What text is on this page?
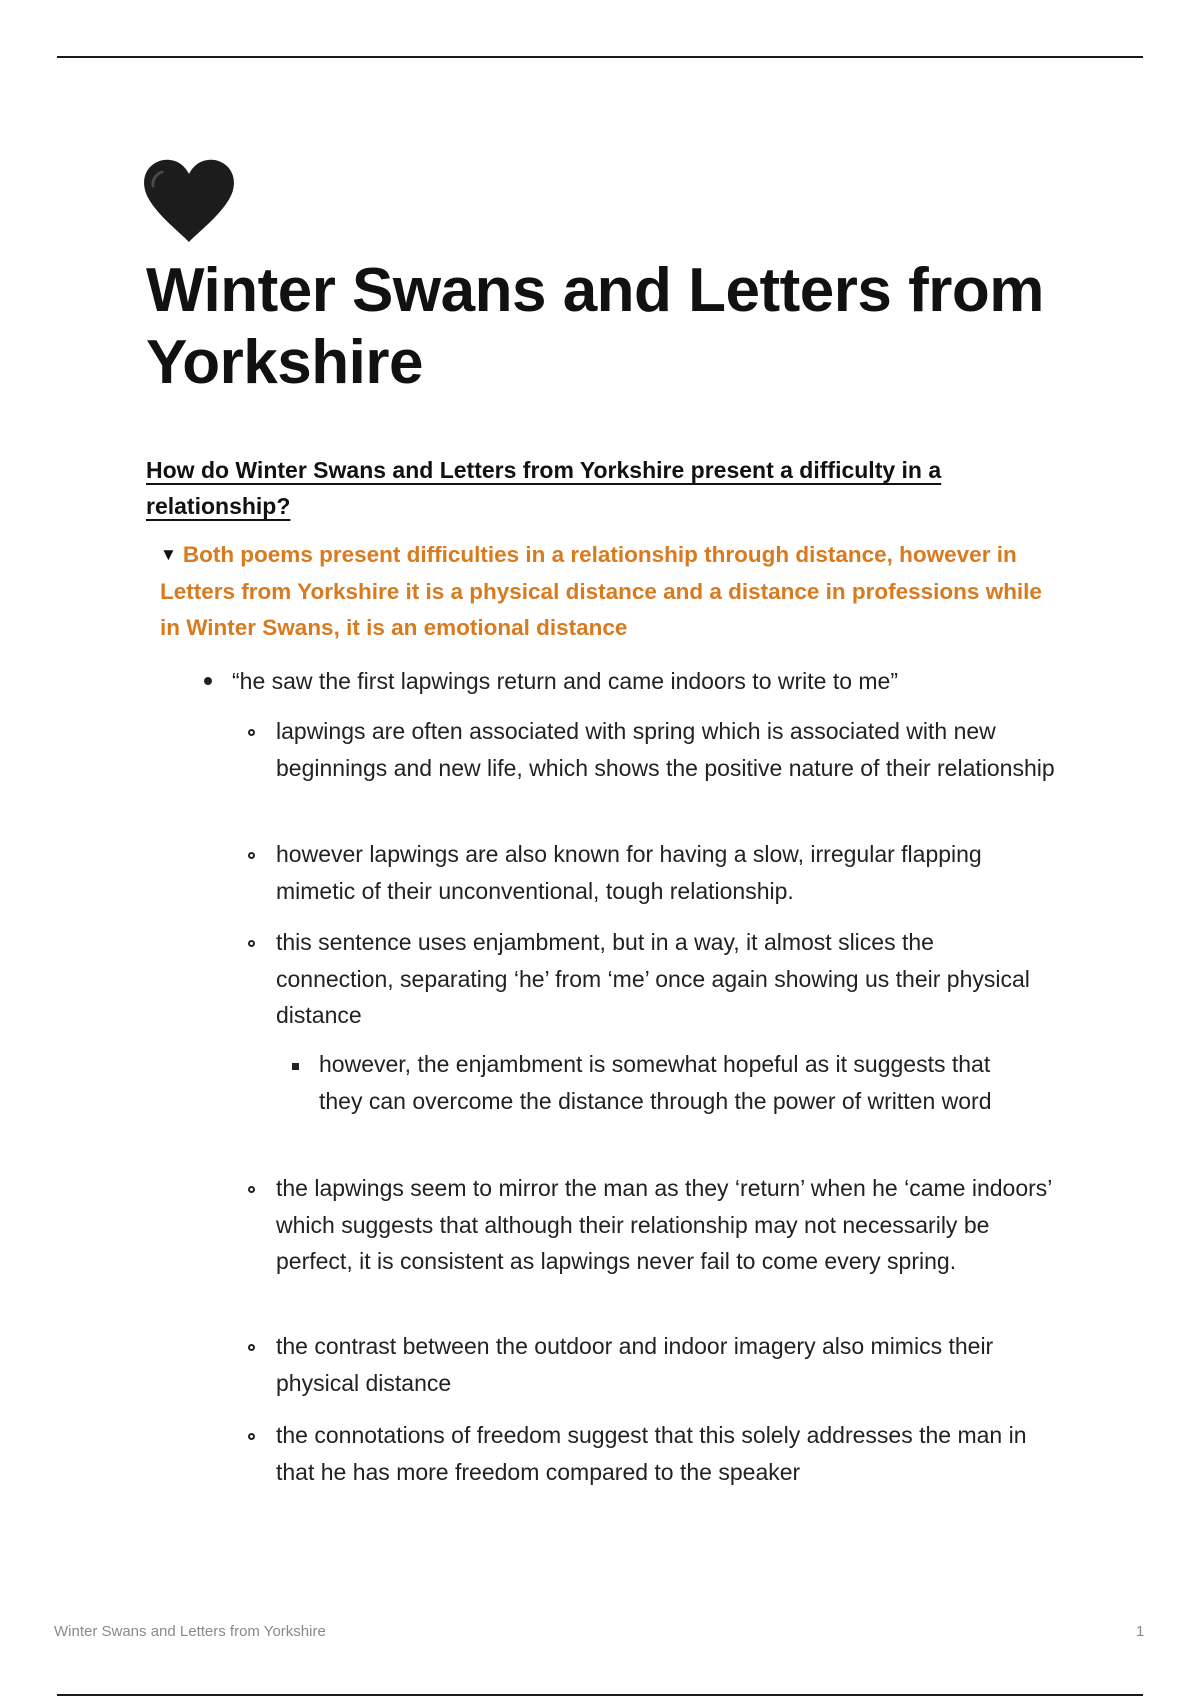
Winter Swans and Letters from Yorkshire

How do Winter Swans and Letters from Yorkshire present a difficulty in a relationship?

▼ Both poems present difficulties in a relationship through distance, however in Letters from Yorkshire it is a physical distance and a distance in professions while in Winter Swans, it is an emotional distance

“he saw the first lapwings return and came indoors to write to me”
lapwings are often associated with spring which is associated with new beginnings and new life, which shows the positive nature of their relationship
however lapwings are also known for having a slow, irregular flapping mimetic of their unconventional, tough relationship.
this sentence uses enjambment, but in a way, it almost slices the connection, separating ‘he’ from ‘me’ once again showing us their physical distance
however, the enjambment is somewhat hopeful as it suggests that they can overcome the distance through the power of written word
the lapwings seem to mirror the man as they ‘return’ when he ‘came indoors’ which suggests that although their relationship may not necessarily be perfect, it is consistent as lapwings never fail to come every spring.
the contrast between the outdoor and indoor imagery also mimics their physical distance
the connotations of freedom suggest that this solely addresses the man in that he has more freedom compared to the speaker
Winter Swans and Letters from Yorkshire	1
